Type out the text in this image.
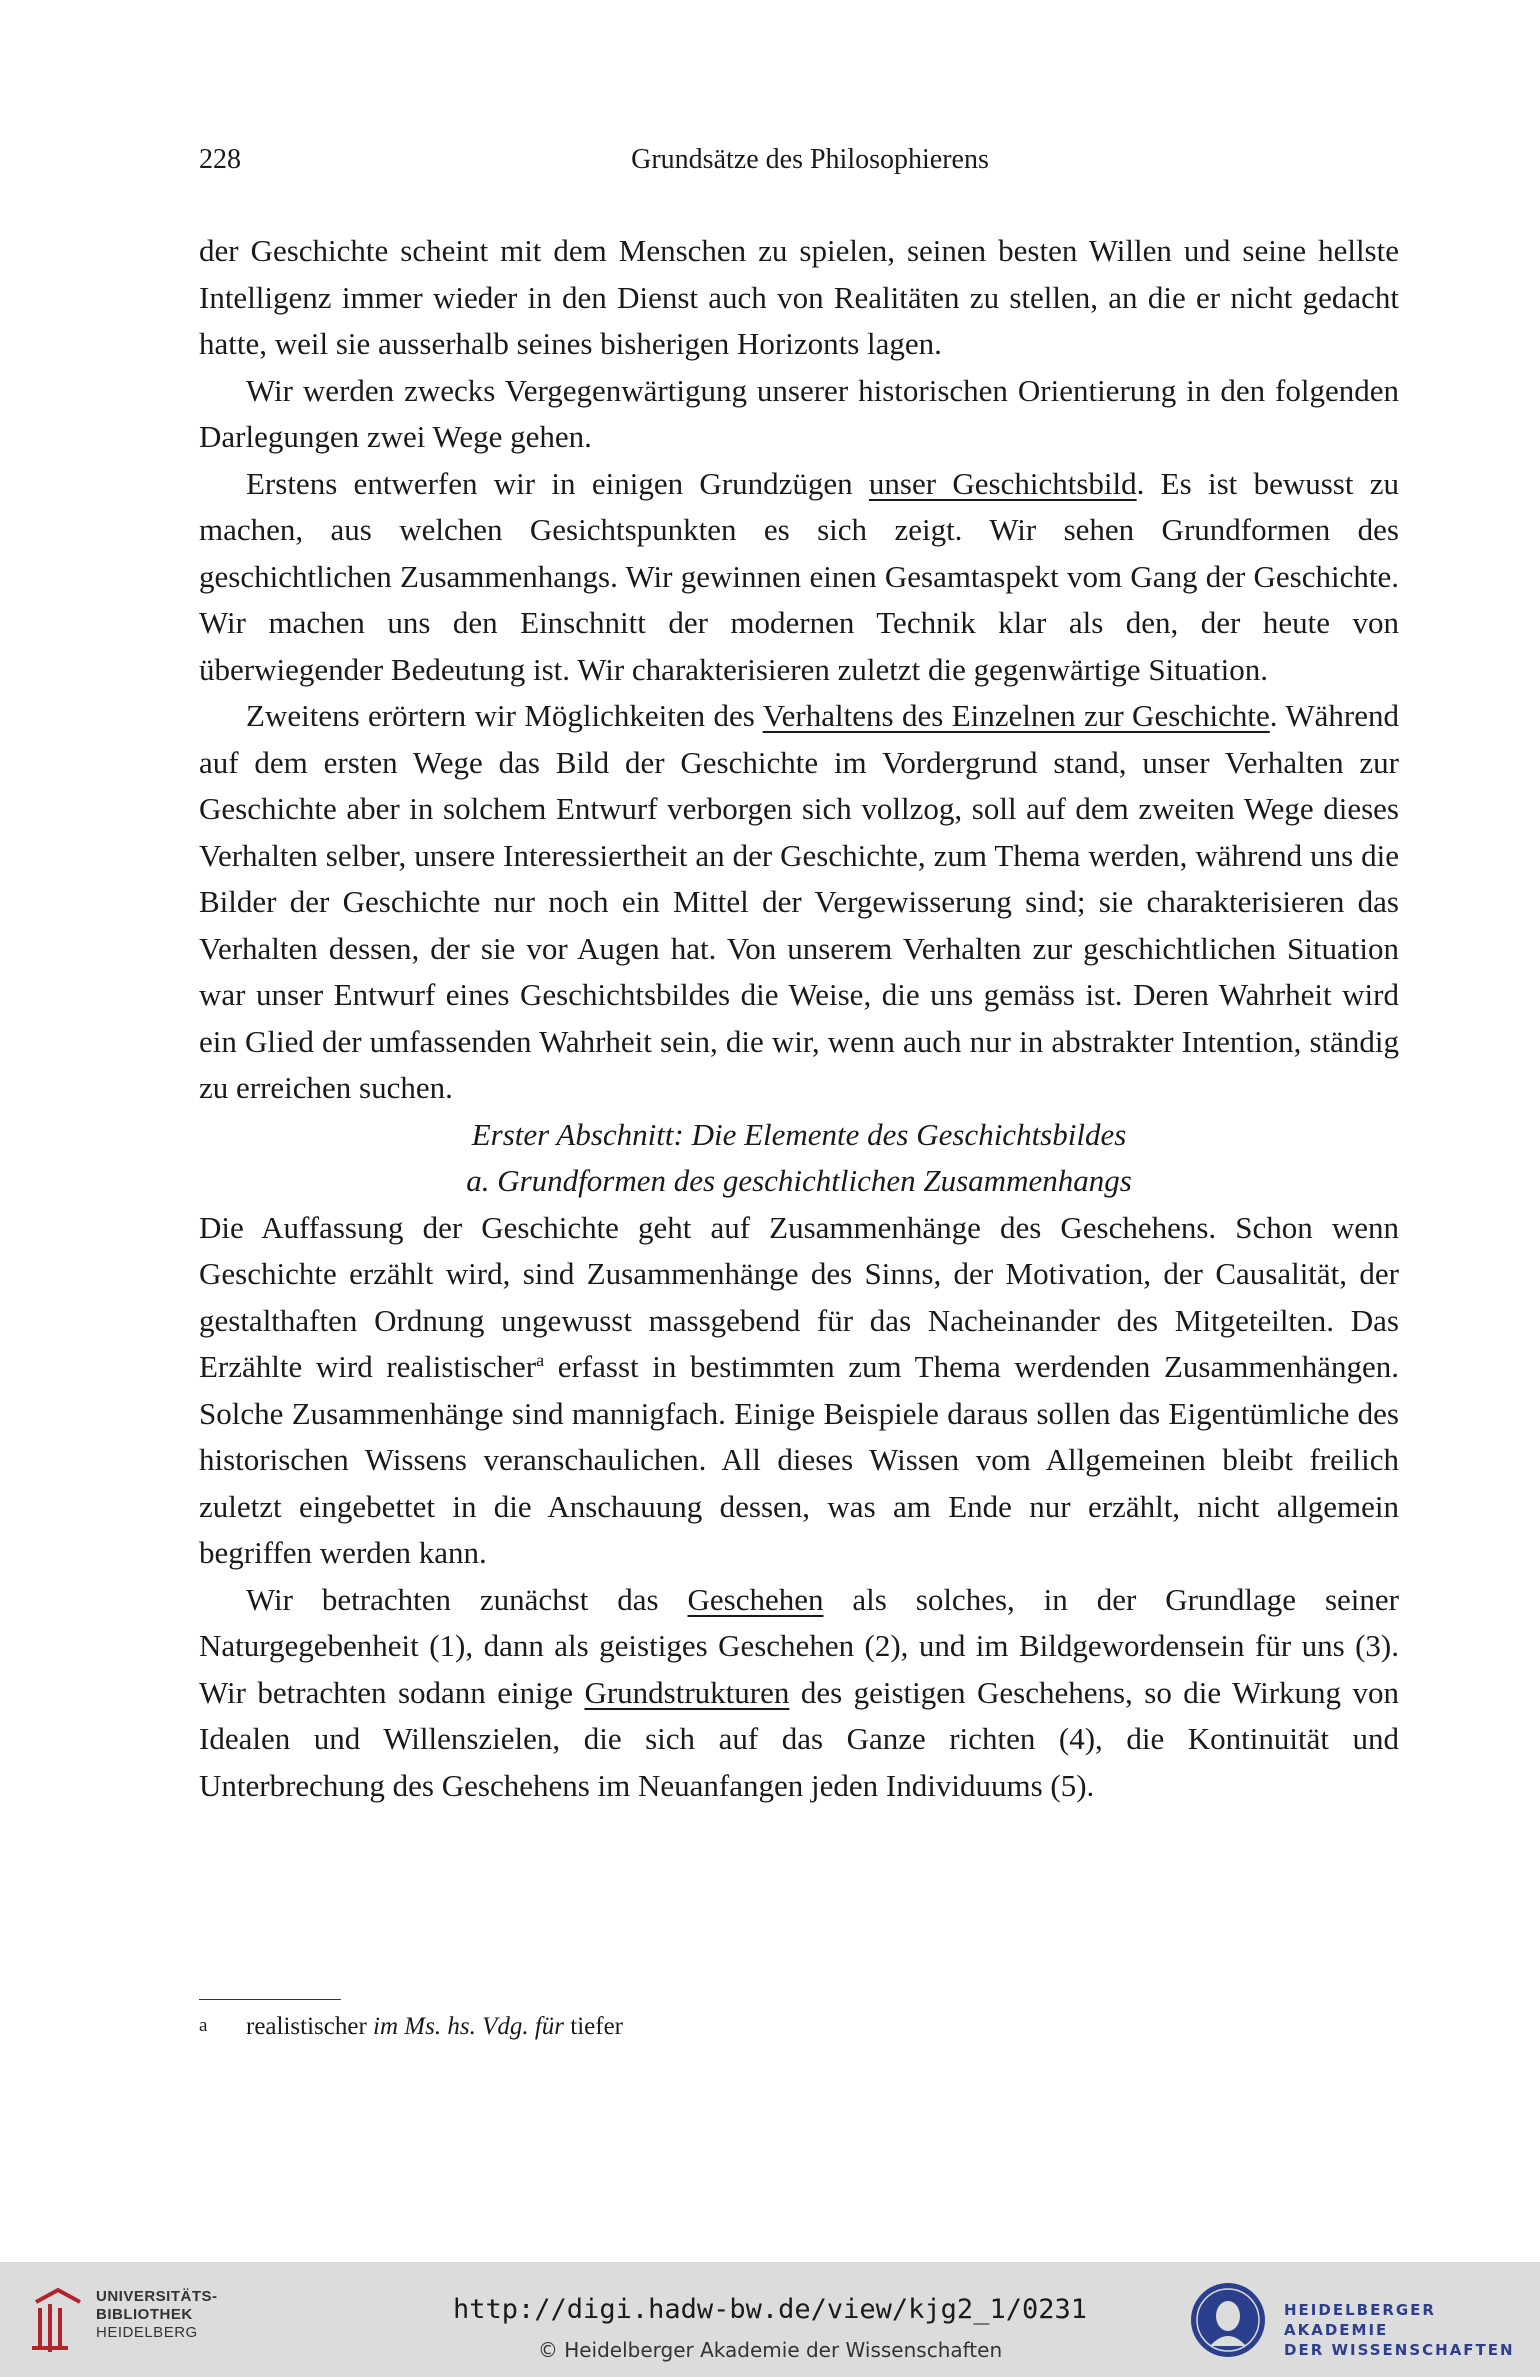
228	Grundsätze des Philosophierens

der Geschichte scheint mit dem Menschen zu spielen, seinen besten Willen und seine hellste Intelligenz immer wieder in den Dienst auch von Realitäten zu stellen, an die er nicht gedacht hatte, weil sie ausserhalb seines bisherigen Horizonts lagen.

Wir werden zwecks Vergegenwärtigung unserer historischen Orientierung in den folgenden Darlegungen zwei Wege gehen.

Erstens entwerfen wir in einigen Grundzügen unser Geschichtsbild. Es ist bewusst zu machen, aus welchen Gesichtspunkten es sich zeigt. Wir sehen Grundformen des geschichtlichen Zusammenhangs. Wir gewinnen einen Gesamtaspekt vom Gang der Geschichte. Wir machen uns den Einschnitt der modernen Technik klar als den, der heute von überwiegender Bedeutung ist. Wir charakterisieren zuletzt die gegenwärtige Situation.

Zweitens erörtern wir Möglichkeiten des Verhaltens des Einzelnen zur Geschichte. Während auf dem ersten Wege das Bild der Geschichte im Vordergrund stand, unser Verhalten zur Geschichte aber in solchem Entwurf verborgen sich vollzog, soll auf dem zweiten Wege dieses Verhalten selber, unsere Interessiertheit an der Geschichte, zum Thema werden, während uns die Bilder der Geschichte nur noch ein Mittel der Vergewisserung sind; sie charakterisieren das Verhalten dessen, der sie vor Augen hat. Von unserem Verhalten zur geschichtlichen Situation war unser Entwurf eines Geschichtsbildes die Weise, die uns gemäss ist. Deren Wahrheit wird ein Glied der umfassenden Wahrheit sein, die wir, wenn auch nur in abstrakter Intention, ständig zu erreichen suchen.

Erster Abschnitt: Die Elemente des Geschichtsbildes

a. Grundformen des geschichtlichen Zusammenhangs

Die Auffassung der Geschichte geht auf Zusammenhänge des Geschehens. Schon wenn Geschichte erzählt wird, sind Zusammenhänge des Sinns, der Motivation, der Causalität, der gestalthaften Ordnung ungewusst massgebend für das Nacheinander des Mitgeteilten. Das Erzählte wird realistischer$^a$ erfasst in bestimmten zum Thema werdenden Zusammenhängen. Solche Zusammenhänge sind mannigfach. Einige Beispiele daraus sollen das Eigentümliche des historischen Wissens veranschaulichen. All dieses Wissen vom Allgemeinen bleibt freilich zuletzt eingebettet in die Anschauung dessen, was am Ende nur erzählt, nicht allgemein begriffen werden kann.

Wir betrachten zunächst das Geschehen als solches, in der Grundlage seiner Naturgegebenheit (1), dann als geistiges Geschehen (2), und im Bildgewordensein für uns (3). Wir betrachten sodann einige Grundstrukturen des geistigen Geschehens, so die Wirkung von Idealen und Willenszielen, die sich auf das Ganze richten (4), die Kontinuität und Unterbrechung des Geschehens im Neuanfangen jeden Individuums (5).

a realistischer im Ms. hs. Vdg. für tiefer
UNIVERSITÄTS-
BIBLIOTHEK
HEIDELBERG
http://digi.hadw-bw.de/view/kjg2_1/0231
© Heidelberger Akademie der Wissenschaften
HEIDELBERGER AKADEMIE
DER WISSENSCHAFTEN
